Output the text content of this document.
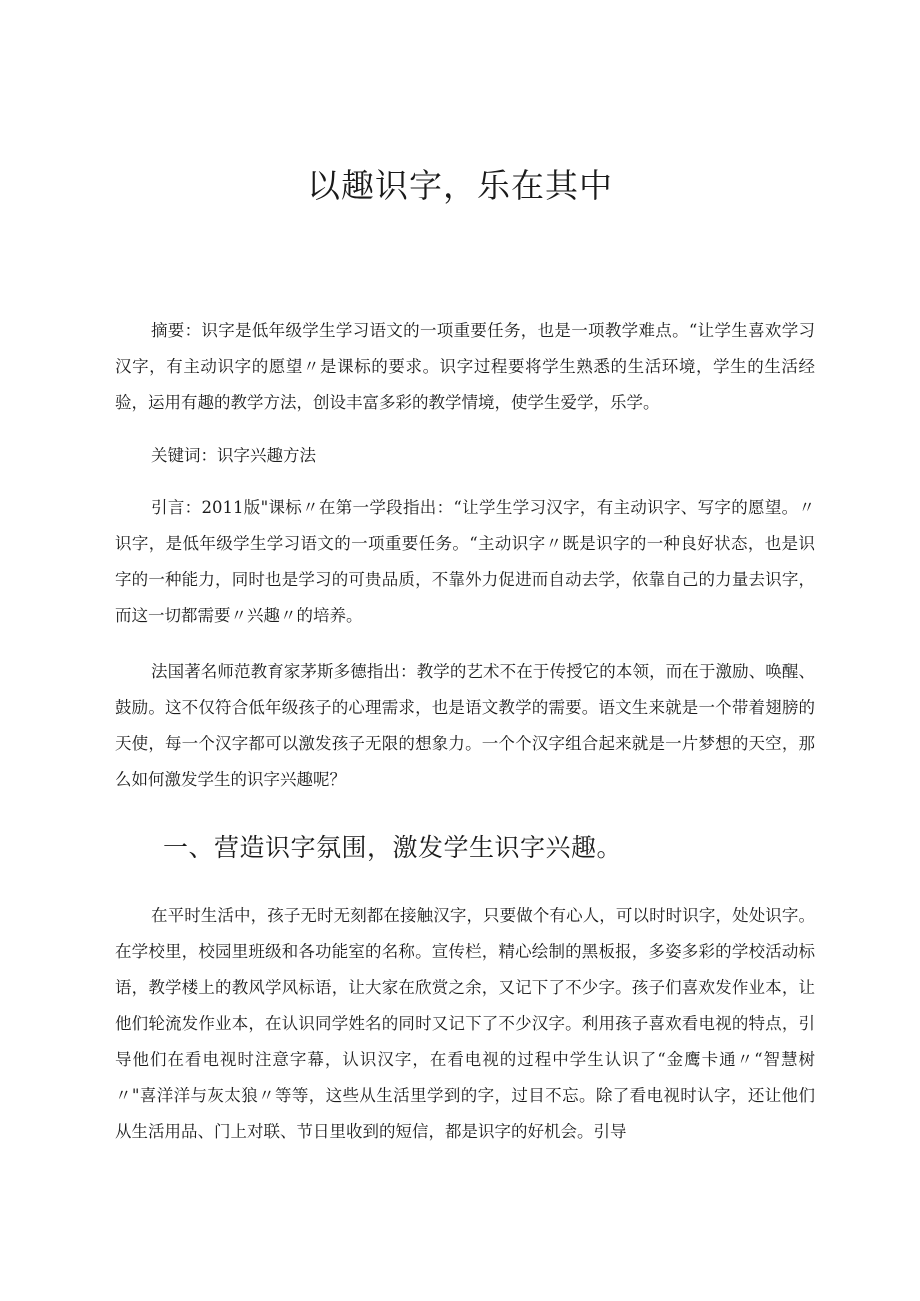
以趣识字，乐在其中

摘要：识字是低年级学生学习语文的一项重要任务，也是一项教学难点。“让学生喜欢学习汉字，有主动识字的愿望〃是课标的要求。识字过程要将学生熟悉的生活环境，学生的生活经验，运用有趣的教学方法，创设丰富多彩的教学情境，使学生爱学，乐学。

关键词：识字兴趣方法

引言：2011版"课标〃在第一学段指出：“让学生学习汉字，有主动识字、写字的愿望。〃识字，是低年级学生学习语文的一项重要任务。“主动识字〃既是识字的一种良好状态，也是识字的一种能力，同时也是学习的可贵品质，不靠外力促进而自动去学，依靠自己的力量去识字，而这一切都需要〃兴趣〃的培养。

法国著名师范教育家茅斯多德指出：教学的艺术不在于传授它的本领，而在于激励、唤醒、鼓励。这不仅符合低年级孩子的心理需求，也是语文教学的需要。语文生来就是一个带着翅膀的天使，每一个汉字都可以激发孩子无限的想象力。一个个汉字组合起来就是一片梦想的天空，那么如何激发学生的识字兴趣呢？

一、营造识字氛围，激发学生识字兴趣。

在平时生活中，孩子无时无刻都在接触汉字，只要做个有心人，可以时时识字，处处识字。在学校里，校园里班级和各功能室的名称。宣传栏，精心绘制的黑板报，多姿多彩的学校活动标语，教学楼上的教风学风标语，让大家在欣赏之余，又记下了不少字。孩子们喜欢发作业本，让他们轮流发作业本，在认识同学姓名的同时又记下了不少汉字。利用孩子喜欢看电视的特点，引导他们在看电视时注意字幕，认识汉字，在看电视的过程中学生认识了“金鹰卡通〃“智慧树〃"喜洋洋与灰太狼〃等等，这些从生活里学到的字，过目不忘。除了看电视时认字，还让他们从生活用品、门上对联、节日里收到的短信，都是识字的好机会。引导
